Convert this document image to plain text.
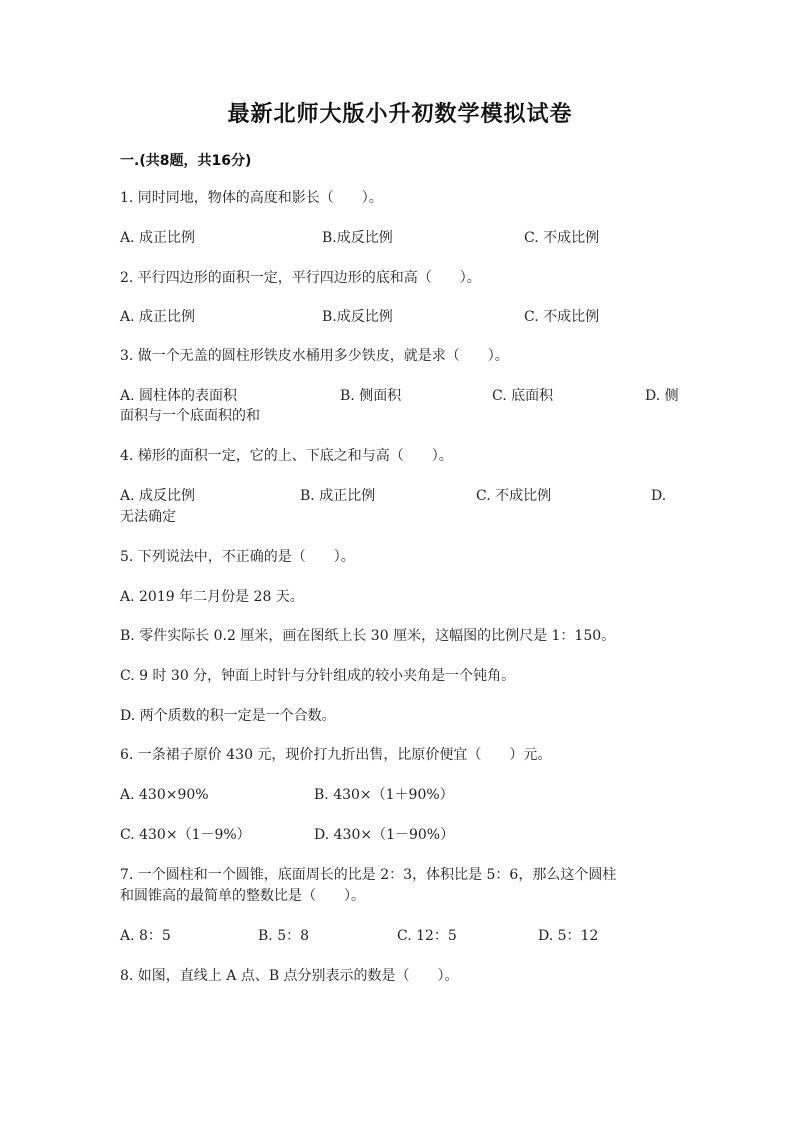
最新北师大版小升初数学模拟试卷
一.(共8题，共16分)
1. 同时同地，物体的高度和影长（　　）。
A. 成正比例	B.成反比例	C. 不成比例
2. 平行四边形的面积一定，平行四边形的底和高（　　）。
A. 成正比例	B.成反比例	C. 不成比例
3. 做一个无盖的圆柱形铁皮水桶用多少铁皮，就是求（　　）。
A. 圆柱体的表面积	B. 侧面积	C. 底面积	D. 侧
面积与一个底面积的和
4. 梯形的面积一定，它的上、下底之和与高（　　）。
A. 成反比例	B. 成正比例	C. 不成比例	D.
无法确定
5. 下列说法中，不正确的是（　　）。
A. 2019 年二月份是 28 天。
B. 零件实际长 0.2 厘米，画在图纸上长 30 厘米，这幅图的比例尺是 1：150。
C. 9 时 30 分，钟面上时针与分针组成的较小夹角是一个钝角。
D. 两个质数的积一定是一个合数。
6. 一条裙子原价 430 元，现价打九折出售，比原价便宜（　　）元。
A. 430×90%	B. 430×（1＋90%）
C. 430×（1－9%）	D. 430×（1－90%）
7. 一个圆柱和一个圆锥，底面周长的比是 2：3，体积比是 5：6，那么这个圆柱
和圆锥高的最简单的整数比是（　　）。
A. 8：5	B. 5：8	C. 12：5	D. 5：12
8. 如图，直线上 A 点、B 点分别表示的数是（　　）。
